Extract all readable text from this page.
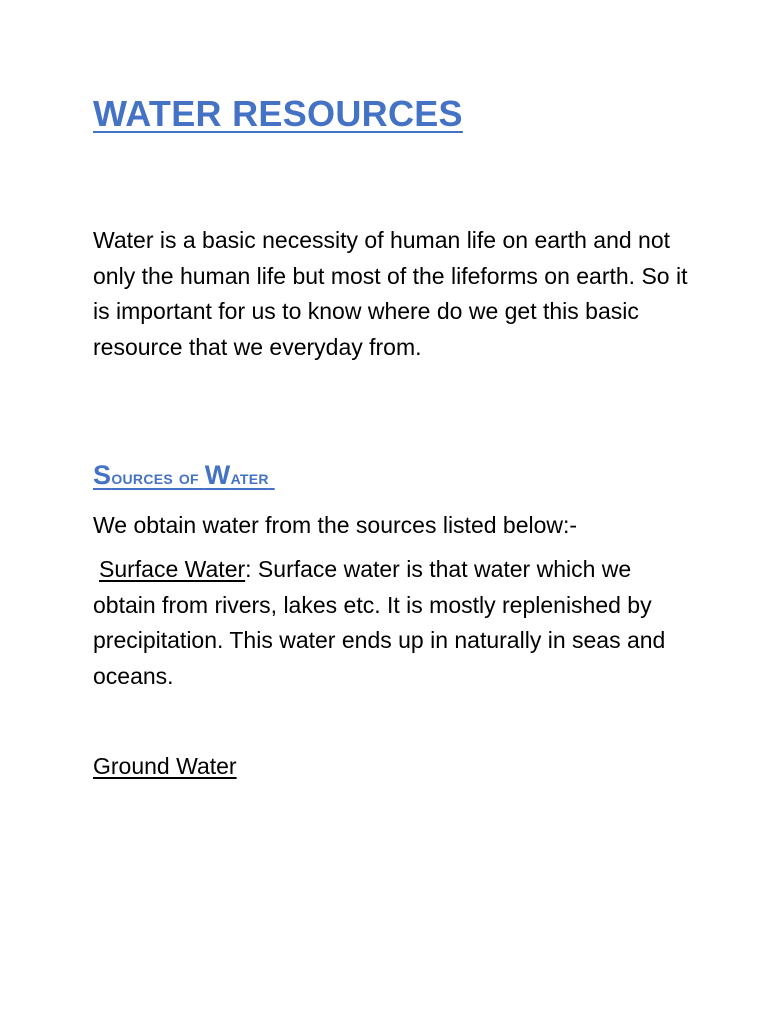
WATER RESOURCES

Water is a basic necessity of human life on earth and not only the human life but most of the lifeforms on earth. So it is important for us to know where do we get this basic resource that we everyday from.

Sources of Water

We obtain water from the sources listed below:-

Surface Water: Surface water is that water which we obtain from rivers, lakes etc. It is mostly replenished by precipitation. This water ends up in naturally in seas and oceans.

Ground Water
